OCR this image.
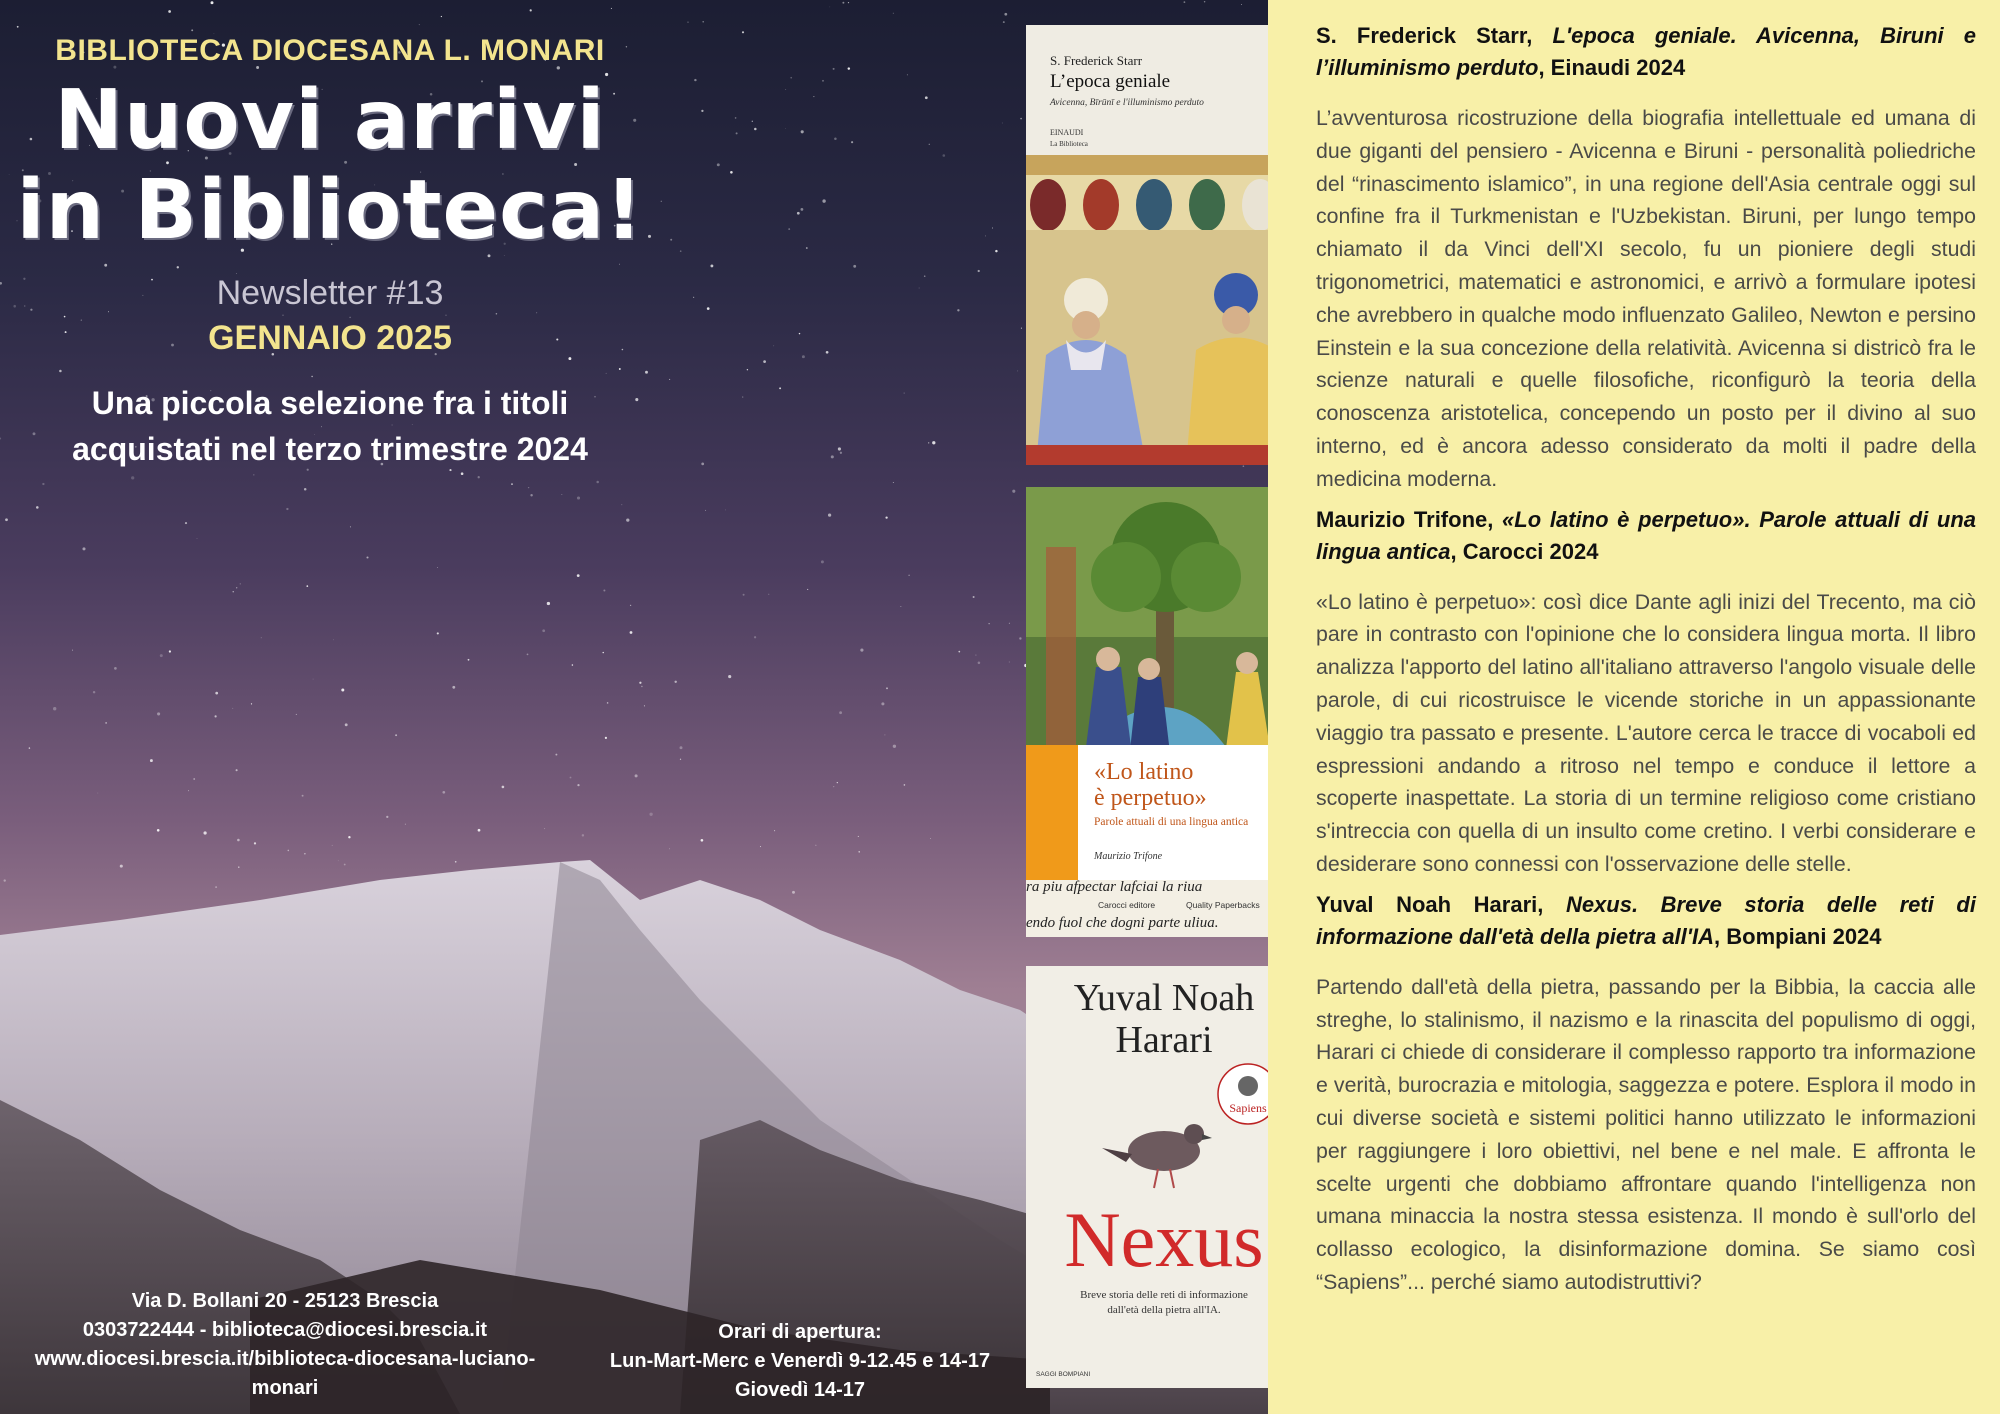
BIBLIOTECA DIOCESANA L. MONARI
Nuovi arrivi
in Biblioteca!
Newsletter #13
GENNAIO 2025
Una piccola selezione fra i titoli
acquistati nel terzo trimestre 2024
Via D. Bollani 20 - 25123 Brescia
0303722444 - biblioteca@diocesi.brescia.it
www.diocesi.brescia.it/biblioteca-diocesana-luciano-
monari
Orari di apertura:
Lun-Mart-Merc e Venerdì 9-12.45 e 14-17
Giovedì 14-17
S. Frederick Starr
L’epoca geniale
Avicenna, Bīrūnī e l'illuminismo perduto
EINAUDI
La Biblioteca
«Lo latino
è perpetuo»
Parole attuali di una lingua antica
Maurizio Trifone
ra piu afpectar lafciai la riua
endo fuol che dogni parte uliua.
Carocci editore	Quality Paperbacks
Yuval Noah
Harari
Sapiens
Nexus
Breve storia delle reti di informazione
dall'età della pietra all'IA.
SAGGI BOMPIANI

S. Frederick Starr, L'epoca geniale. Avicenna, Biruni e l’illuminismo perduto, Einaudi 2024

L’avventurosa ricostruzione della biografia intellettuale ed umana di due giganti del pensiero - Avicenna e Biruni - personalità poliedriche del “rinascimento islamico”, in una regione dell'Asia centrale oggi sul confine fra il Turkmenistan e l'Uzbekistan. Biruni, per lungo tempo chiamato il da Vinci dell'XI secolo, fu un pioniere degli studi trigonometrici, matematici e astronomici, e arrivò a formulare ipotesi che avrebbero in qualche modo influenzato Galileo, Newton e persino Einstein e la sua concezione della relatività. Avicenna si districò fra le scienze naturali e quelle filosofiche, riconfigurò la teoria della conoscenza aristotelica, concependo un posto per il divino al suo interno, ed è ancora adesso considerato da molti il padre della medicina moderna.

Maurizio Trifone, «Lo latino è perpetuo». Parole attuali di una lingua antica, Carocci 2024

«Lo latino è perpetuo»: così dice Dante agli inizi del Trecento, ma ciò pare in contrasto con l'opinione che lo considera lingua morta. Il libro analizza l'apporto del latino all'italiano attraverso l'angolo visuale delle parole, di cui ricostruisce le vicende storiche in un appassionante viaggio tra passato e presente. L'autore cerca le tracce di vocaboli ed espressioni andando a ritroso nel tempo e conduce il lettore a scoperte inaspettate. La storia di un termine religioso come cristiano s'intreccia con quella di un insulto come cretino. I verbi considerare e desiderare sono connessi con l'osservazione delle stelle.

Yuval Noah Harari, Nexus. Breve storia delle reti di informazione dall'età della pietra all'IA, Bompiani 2024

Partendo dall'età della pietra, passando per la Bibbia, la caccia alle streghe, lo stalinismo, il nazismo e la rinascita del populismo di oggi, Harari ci chiede di considerare il complesso rapporto tra informazione e verità, burocrazia e mitologia, saggezza e potere. Esplora il modo in cui diverse società e sistemi politici hanno utilizzato le informazioni per raggiungere i loro obiettivi, nel bene e nel male. E affronta le scelte urgenti che dobbiamo affrontare quando l'intelligenza non umana minaccia la nostra stessa esistenza. Il mondo è sull'orlo del collasso ecologico, la disinformazione domina. Se siamo così “Sapiens”... perché siamo autodistruttivi?
